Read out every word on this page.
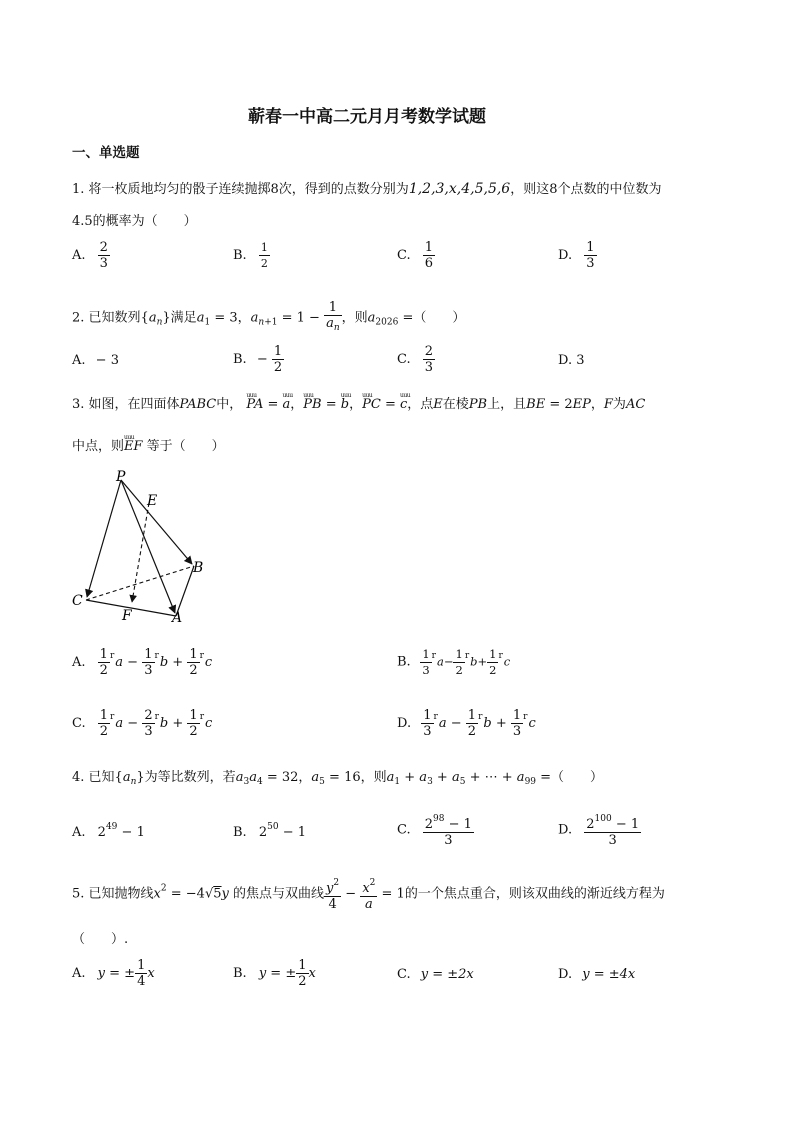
蕲春一中高二元月月考数学试题
一、单选题
1. 将一枚质地均匀的骰子连续抛掷8次，得到的点数分别为1,2,3,x,4,5,5,6，则这8个点数的中位数为
4.5的概率为（　　）
A. $\frac{2}{3}$	B. $\frac{1}{2}$	C. $\frac{1}{6}$	D. $\frac{1}{3}$
2. 已知数列$\{a_n\}$满足$a_1 = 3$，$a_{n+1} = 1 - \frac{1}{a_n}$ ，则$a_{2026}$ =（　　）
A. − 3	B. − $\frac{1}{2}$	C. $\frac{2}{3}$	D. 3
3. 如图，在四面体PABC中， uuu PA = uuu a，uuu PB = uuu b，uuu PC = uuu c，点E在棱PB上，且BE = 2EP，F为AC
中点，则uuu EF 等于（　　）
P
E
B
C
F	A
A. $\frac{1}{2} ^ra - \frac{1}{3} ^rb + \frac{1}{2} ^rc$	B. $\frac{1}{3} ^ra- \frac{1}{2} ^rb+ \frac{1}{2} ^rc$
C. $\frac{1}{2} ^ra - \frac{2}{3} ^rb + \frac{1}{2} ^rc$	D. $\frac{1}{3} ^ra - \frac{1}{2} ^rb + \frac{1}{3} ^rc$
4. 已知$\{a_n\}$为等比数列，若$a_3a_4 = 32$，$a_5 = 16$，则$a_1 + a_3 + a_5$ + ⋯ + $a_{99}$ =（　　）
A. $2^{49} - 1$	B. $2^{50} - 1$	C. $\frac{2^{98} - 1}{3}$	D. $\frac{2^{100} - 1}{3}$
5. 已知抛物线$x^2 = -4√5y$ 的焦点与双曲线 $\frac{y^2}{4} - \frac{x^2}{a} = 1$的一个焦点重合，则该双曲线的渐近线方程为
（　　）.
A. y = ± $\frac{1}{4}$ x	B. y = ± $\frac{1}{2}$ x	C. y = ±2x	D. y = ±4x
